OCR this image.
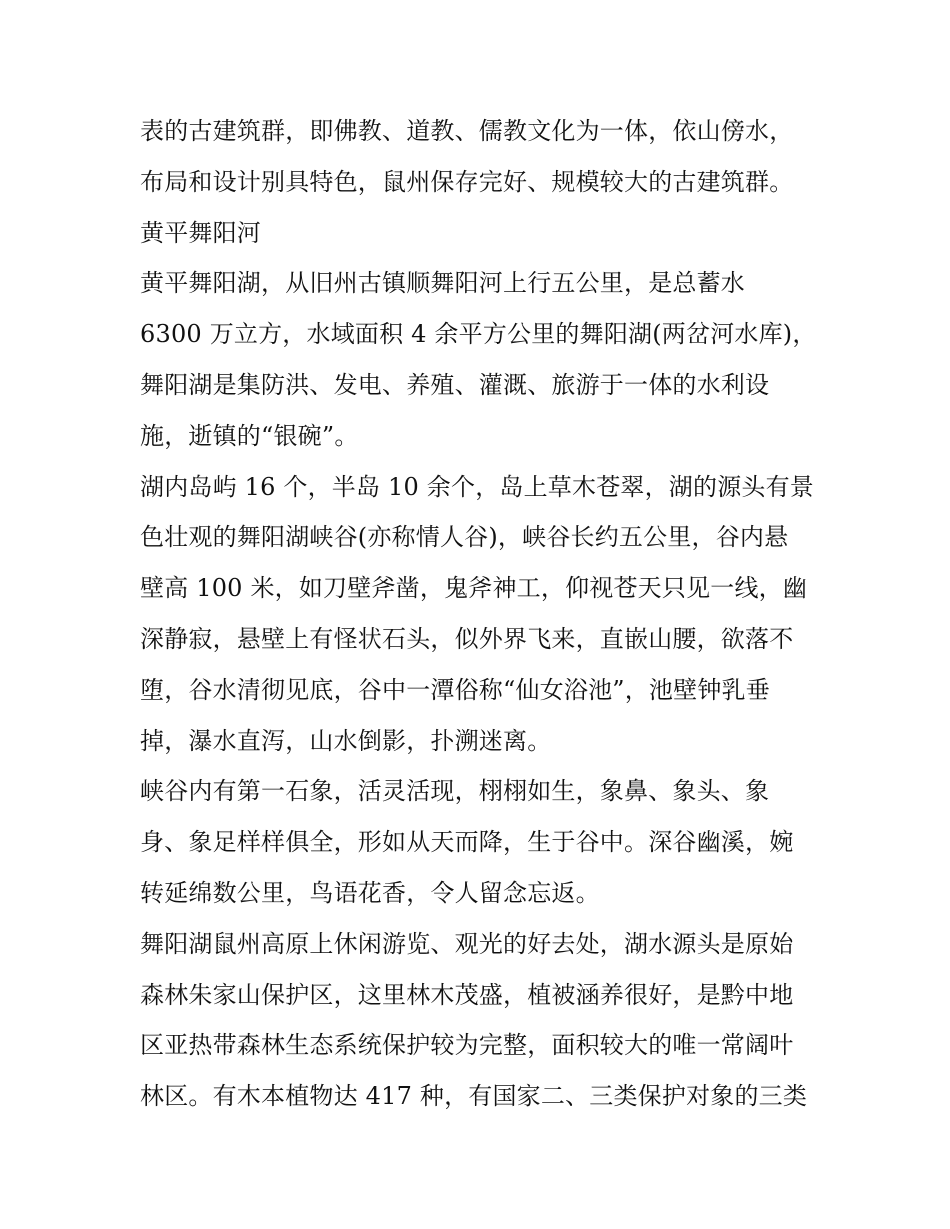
表的古建筑群，即佛教、道教、儒教文化为一体，依山傍水，
布局和设计别具特色，鼠州保存完好、规模较大的古建筑群。
黄平舞阳河
黄平舞阳湖，从旧州古镇顺舞阳河上行五公里，是总蓄水
6300 万立方，水域面积 4 余平方公里的舞阳湖(两岔河水库)，
舞阳湖是集防洪、发电、养殖、灌溉、旅游于一体的水利设
施，逝镇的“银碗”。
湖内岛屿 16 个，半岛 10 余个，岛上草木苍翠，湖的源头有景
色壮观的舞阳湖峡谷(亦称情人谷)，峡谷长约五公里，谷内悬
壁高 100 米，如刀壁斧凿，鬼斧神工，仰视苍天只见一线，幽
深静寂，悬壁上有怪状石头，似外界飞来，直嵌山腰，欲落不
堕，谷水清彻见底，谷中一潭俗称“仙女浴池”，池壁钟乳垂
掉，瀑水直泻，山水倒影，扑溯迷离。
峡谷内有第一石象，活灵活现，栩栩如生，象鼻、象头、象
身、象足样样俱全，形如从天而降，生于谷中。深谷幽溪，婉
转延绵数公里，鸟语花香，令人留念忘返。
舞阳湖鼠州高原上休闲游览、观光的好去处，湖水源头是原始
森林朱家山保护区，这里林木茂盛，植被涵养很好，是黔中地
区亚热带森林生态系统保护较为完整，面积较大的唯一常阔叶
林区。有木本植物达 417 种，有国家二、三类保护对象的三类
